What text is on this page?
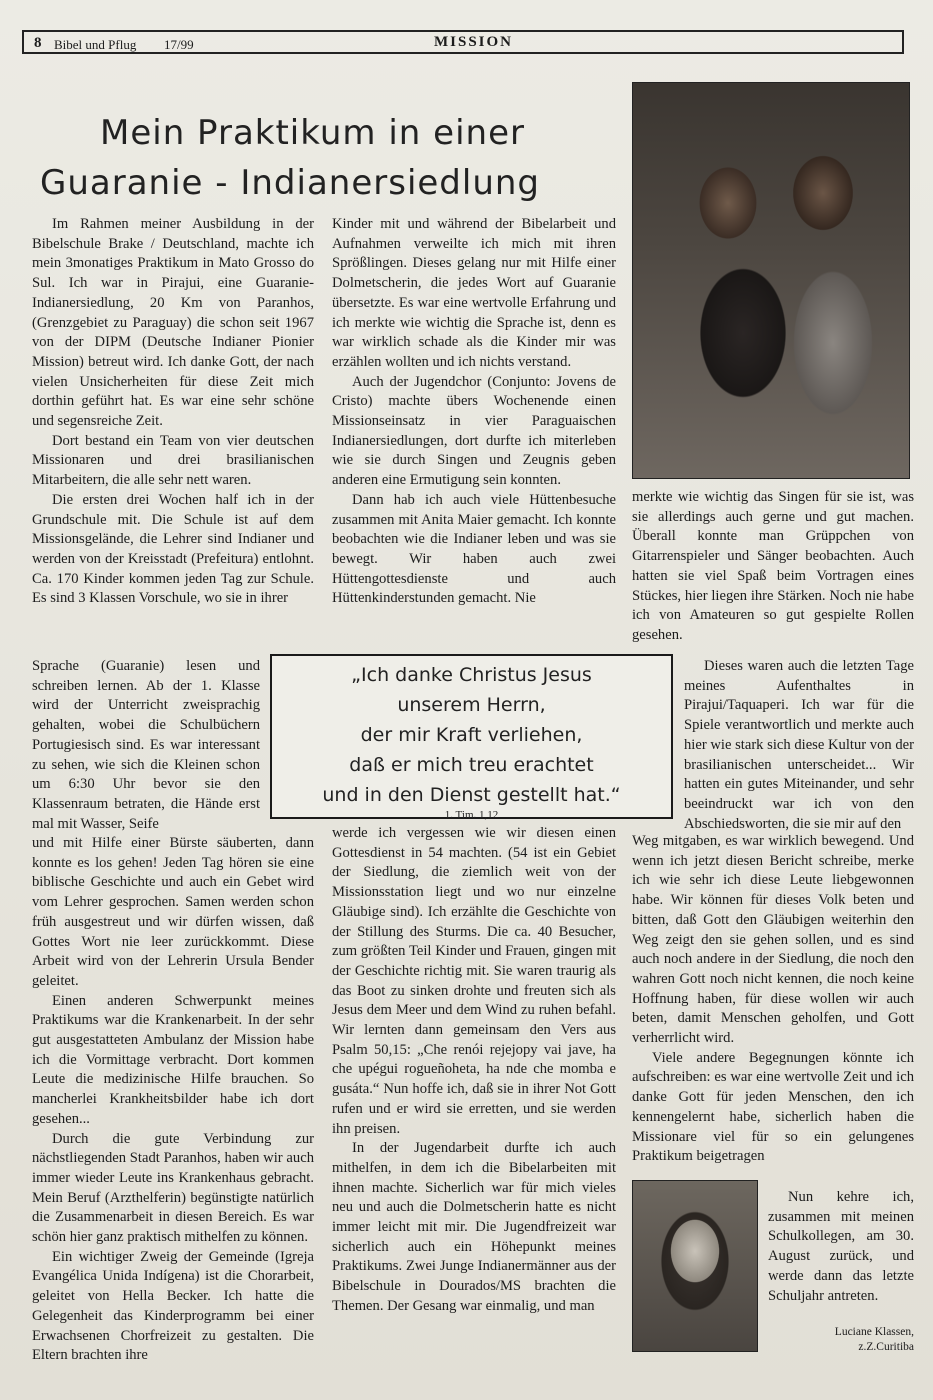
8 Bibel und Pflug 17/99	MISSION
Mein Praktikum in einer
Guaranie - Indianersiedlung

Im Rahmen meiner Ausbildung in der Bibelschule Brake / Deutschland, machte ich mein 3monatiges Praktikum in Mato Grosso do Sul. Ich war in Pirajui, eine Guaranie-Indianersiedlung, 20 Km von Paranhos, (Grenzgebiet zu Paraguay) die schon seit 1967 von der DIPM (Deutsche Indianer Pionier Mission) betreut wird. Ich danke Gott, der nach vielen Unsicherheiten für diese Zeit mich dorthin geführt hat. Es war eine sehr schöne und segensreiche Zeit.

Dort bestand ein Team von vier deutschen Missionaren und drei brasilianischen Mitarbeitern, die alle sehr nett waren.

Die ersten drei Wochen half ich in der Grundschule mit. Die Schule ist auf dem Missionsgelände, die Lehrer sind Indianer und werden von der Kreisstadt (Prefeitura) entlohnt. Ca. 170 Kinder kommen jeden Tag zur Schule. Es sind 3 Klassen Vorschule, wo sie in ihrer

Sprache (Guaranie) lesen und schreiben lernen. Ab der 1. Klasse wird der Unterricht zweisprachig gehalten, wobei die Schulbüchern Portugiesisch sind. Es war interessant zu sehen, wie sich die Kleinen schon um 6:30 Uhr bevor sie den Klassenraum betraten, die Hände erst mal mit Wasser, Seife

und mit Hilfe einer Bürste säuberten, dann konnte es los gehen! Jeden Tag hören sie eine biblische Geschichte und auch ein Gebet wird vom Lehrer gesprochen. Samen werden schon früh ausgestreut und wir dürfen wissen, daß Gottes Wort nie leer zurückkommt. Diese Arbeit wird von der Lehrerin Ursula Bender geleitet.

Einen anderen Schwerpunkt meines Praktikums war die Krankenarbeit. In der sehr gut ausgestatteten Ambulanz der Mission habe ich die Vormittage verbracht. Dort kommen Leute die medizinische Hilfe brauchen. So mancherlei Krankheitsbilder habe ich dort gesehen...

Durch die gute Verbindung zur nächstliegenden Stadt Paranhos, haben wir auch immer wieder Leute ins Krankenhaus gebracht. Mein Beruf (Arzthelferin) begünstigte natürlich die Zusammenarbeit in diesen Bereich. Es war schön hier ganz praktisch mithelfen zu können.

Ein wichtiger Zweig der Gemeinde (Igreja Evangélica Unida Indígena) ist die Chorarbeit, geleitet von Hella Becker. Ich hatte die Gelegenheit das Kinderprogramm bei einer Erwachsenen Chorfreizeit zu gestalten. Die Eltern brachten ihre

Kinder mit und während der Bibelarbeit und Aufnahmen verweilte ich mich mit ihren Sprößlingen. Dieses gelang nur mit Hilfe einer Dolmetscherin, die jedes Wort auf Guaranie übersetzte. Es war eine wertvolle Erfahrung und ich merkte wie wichtig die Sprache ist, denn es war wirklich schade als die Kinder mir was erzählen wollten und ich nichts verstand.

Auch der Jugendchor (Conjunto: Jovens de Cristo) machte übers Wochenende einen Missionseinsatz in vier Paraguaischen Indianersiedlungen, dort durfte ich miterleben wie sie durch Singen und Zeugnis geben anderen eine Ermutigung sein konnten.

Dann hab ich auch viele Hüttenbesuche zusammen mit Anita Maier gemacht. Ich konnte beobachten wie die Indianer leben und was sie bewegt. Wir haben auch zwei Hüttengottesdienste und auch Hüttenkinderstunden gemacht. Nie

„Ich danke Christus Jesus
unserem Herrn,
der mir Kraft verliehen,
daß er mich treu erachtet
und in den Dienst gestellt hat.“
1. Tim. 1,12

werde ich vergessen wie wir diesen einen Gottesdienst in 54 machten. (54 ist ein Gebiet der Siedlung, die ziemlich weit von der Missionsstation liegt und wo nur einzelne Gläubige sind). Ich erzählte die Geschichte von der Stillung des Sturms. Die ca. 40 Besucher, zum größten Teil Kinder und Frauen, gingen mit der Geschichte richtig mit. Sie waren traurig als das Boot zu sinken drohte und freuten sich als Jesus dem Meer und dem Wind zu ruhen befahl. Wir lernten dann gemeinsam den Vers aus Psalm 50,15: „Che renói rejejopy vai jave, ha che upégui rogueñoheta, ha nde che momba e gusáta.“ Nun hoffe ich, daß sie in ihrer Not Gott rufen und er wird sie erretten, und sie werden ihn preisen.

In der Jugendarbeit durfte ich auch mithelfen, in dem ich die Bibelarbeiten mit ihnen machte. Sicherlich war für mich vieles neu und auch die Dolmetscherin hatte es nicht immer leicht mit mir. Die Jugendfreizeit war sicherlich auch ein Höhepunkt meines Praktikums. Zwei Junge Indianermänner aus der Bibelschule in Dourados/MS brachten die Themen. Der Gesang war einmalig, und man

merkte wie wichtig das Singen für sie ist, was sie allerdings auch gerne und gut machen. Überall konnte man Grüppchen von Gitarrenspieler und Sänger beobachten. Auch hatten sie viel Spaß beim Vortragen eines Stückes, hier liegen ihre Stärken. Noch nie habe ich von Amateuren so gut gespielte Rollen gesehen.

Dieses waren auch die letzten Tage meines Aufenthaltes in Pirajui/Taquaperi. Ich war für die Spiele verantwortlich und merkte auch hier wie stark sich diese Kultur von der brasilianischen unterscheidet... Wir hatten ein gutes Miteinander, und sehr beeindruckt war ich von den Abschiedsworten, die sie mir auf den

Weg mitgaben, es war wirklich bewegend. Und wenn ich jetzt diesen Bericht schreibe, merke ich wie sehr ich diese Leute liebgewonnen habe. Wir können für dieses Volk beten und bitten, daß Gott den Gläubigen weiterhin den Weg zeigt den sie gehen sollen, und es sind auch noch andere in der Siedlung, die noch den wahren Gott noch nicht kennen, die noch keine Hoffnung haben, für diese wollen wir auch beten, damit Menschen geholfen, und Gott verherrlicht wird.

Viele andere Begegnungen könnte ich aufschreiben: es war eine wertvolle Zeit und ich danke Gott für jeden Menschen, den ich kennengelernt habe, sicherlich haben die Missionare viel für so ein gelungenes Praktikum beigetragen

Nun kehre ich, zusammen mit meinen Schulkollegen, am 30. August zurück, und werde dann das letzte Schuljahr antreten.

Luciane Klassen,
z.Z.Curitiba
